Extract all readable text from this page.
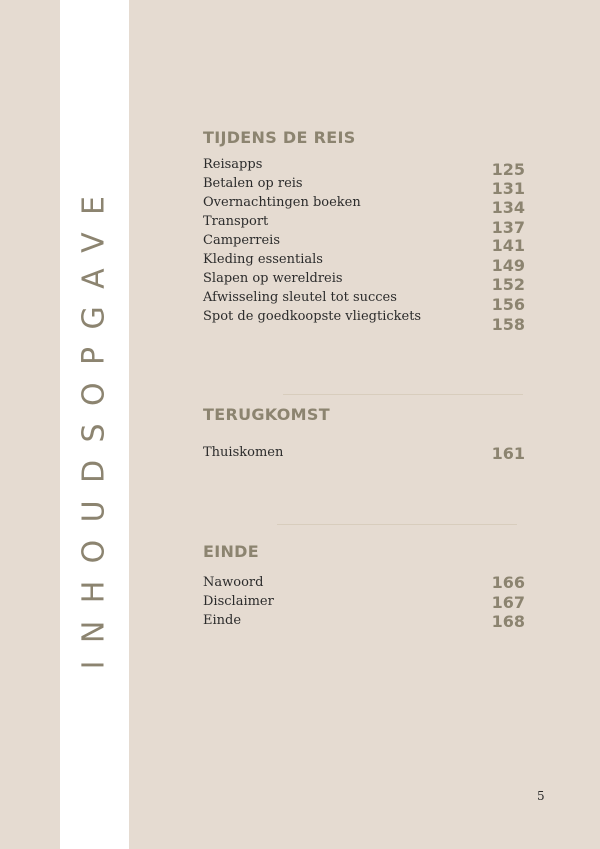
INHOUDSOPGAVE
TIJDENS DE REIS
Reisapps	125
Betalen op reis	131
Overnachtingen boeken	134
Transport	137
Camperreis	141
Kleding essentials	149
Slapen op wereldreis	152
Afwisseling sleutel tot succes	156
Spot de goedkoopste vliegtickets	158
TERUGKOMST
Thuiskomen	161
EINDE
Nawoord	166
Disclaimer	167
Einde	168
5
